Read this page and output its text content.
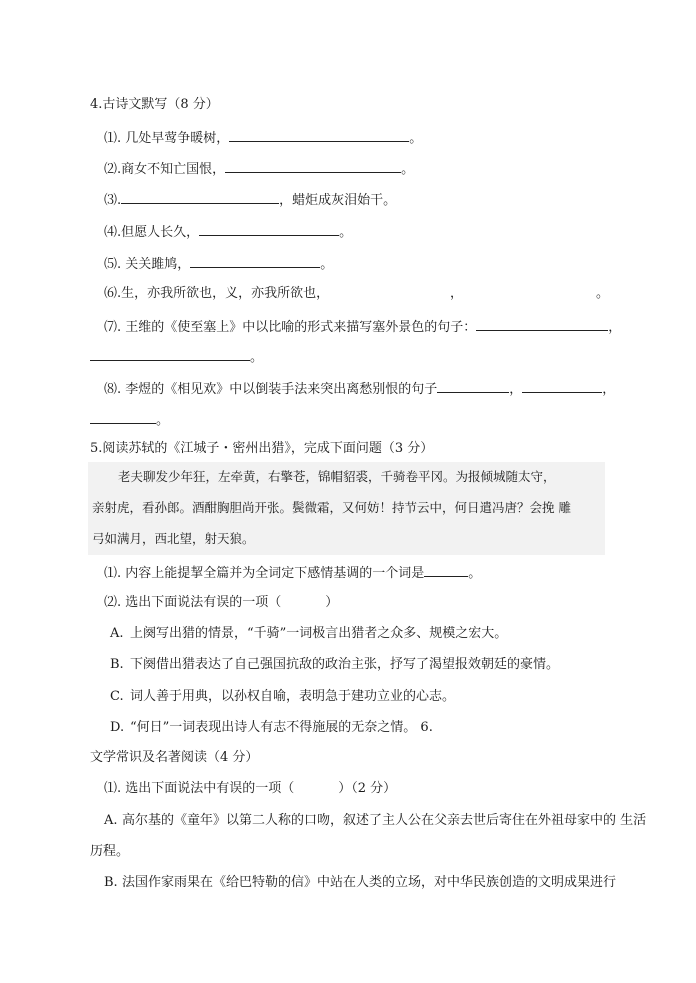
4.古诗文默写（8 分）
⑴. 几处早莺争暖树，	。
⑵.商女不知亡国恨，	。
⑶.	，蜡炬成灰泪始干。
⑷.但愿人长久，	。
⑸. 关关雎鸠，	。
⑹.生，亦我所欲也，义，亦我所欲也，	，	。
⑺. 王维的《使至塞上》中以比喻的形式来描写塞外景色的句子：	，
。
⑻. 李煜的《相见欢》中以倒装手法来突出离愁别恨的句子	，	，
。
5.阅读苏轼的《江城子・密州出猎》，完成下面问题（3 分）
老夫聊发少年狂，左牵黄，右擎苍，锦帽貂裘，千骑卷平冈。为报倾城随太守，
亲射虎，看孙郎。酒酣胸胆尚开张。鬓微霜，又何妨！持节云中，何日遣冯唐？会挽 雕
弓如满月，西北望，射天狼。
⑴. 内容上能提挈全篇并为全词定下感情基调的一个词是	。
⑵. 选出下面说法有误的一项（	）
A. 上阕写出猎的情景，“千骑”一词极言出猎者之众多、规模之宏大。
B. 下阕借出猎表达了自己强国抗敌的政治主张，抒写了渴望报效朝廷的豪情。
C. 词人善于用典，以孙权自喻，表明急于建功立业的心志。
D. “何日”一词表现出诗人有志不得施展的无奈之情。 6.
文学常识及名著阅读（4 分）
⑴. 选出下面说法中有误的一项（	）（2 分）
A. 高尔基的《童年》以第二人称的口吻，叙述了主人公在父亲去世后寄住在外祖母家中的 生活
历程。
B. 法国作家雨果在《给巴特勒的信》中站在人类的立场，对中华民族创造的文明成果进行
